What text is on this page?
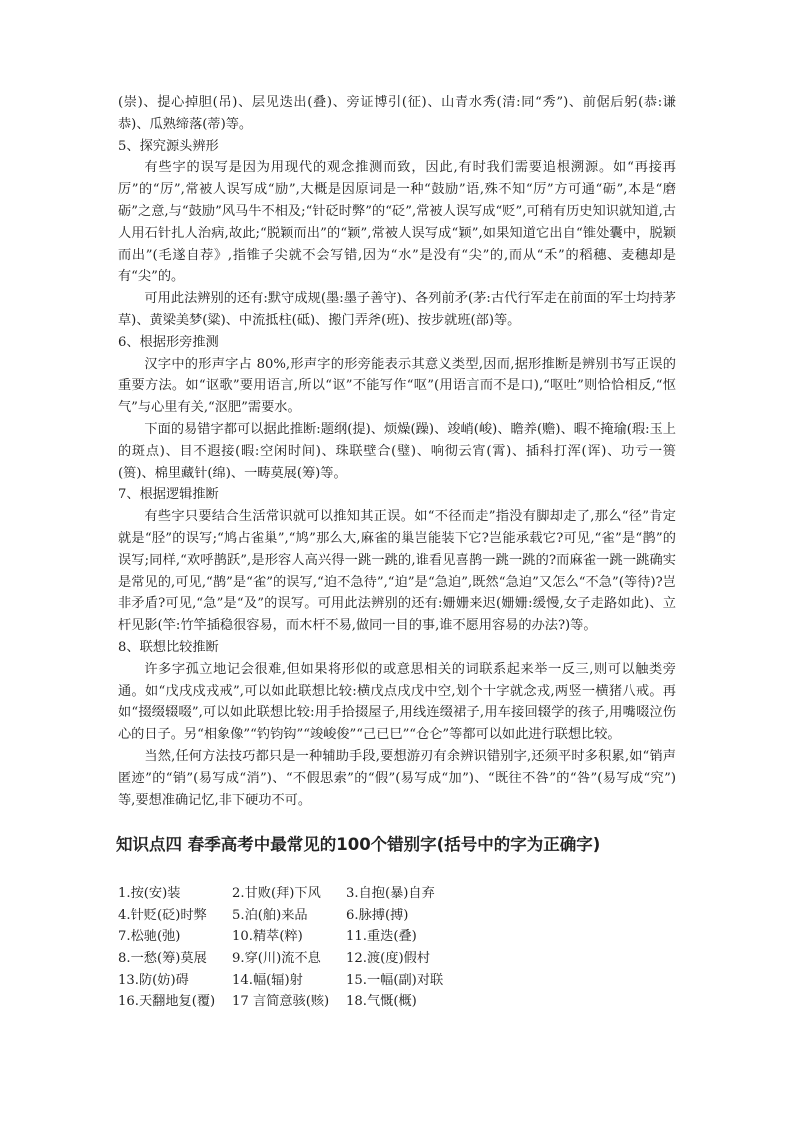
(崇)、提心掉胆(吊)、层见迭出(叠)、旁证博引(征)、山青水秀(清:同“秀”)、前倨后躬(恭:谦恭)、瓜熟缔落(蒂)等。

5、探究源头辨形

有些字的误写是因为用现代的观念推测而致，因此,有时我们需要追根溯源。如“再接再厉”的“厉”,常被人误写成“励”,大概是因原词是一种“鼓励”语,殊不知“厉”方可通“砺”,本是“磨砺”之意,与“鼓励”风马牛不相及;“针砭时弊”的“砭”,常被人误写成“贬”,可稍有历史知识就知道,古人用石针扎人治病,故此;“脱颖而出”的“颖”,常被人误写成“颖”,如果知道它出自“锥处囊中，脱颖而出”(毛遂自荐》,指锥子尖就不会写错,因为“水”是没有“尖”的,而从“禾”的稻穗、麦穗却是有“尖”的。

可用此法辨别的还有:默守成规(墨:墨子善守)、各列前矛(茅:古代行军走在前面的军士均持茅草)、黄梁美梦(粱)、中流抵柱(砥)、搬门弄斧(班)、按步就班(部)等。

6、根据形旁推测

汉字中的形声字占 80%,形声字的形旁能表示其意义类型,因而,据形推断是辨别书写正误的重要方法。如“讴歌”要用语言,所以“讴”不能写作“呕”(用语言而不是口),“呕吐”则恰恰相反,“怄气”与心里有关,“沤肥”需要水。

下面的易错字都可以据此推断:题纲(提)、烦燥(躁)、竣峭(峻)、瞻养(赡)、暇不掩瑜(瑕:玉上的斑点)、目不遐接(暇:空闲时间)、珠联壁合(璧)、响彻云宵(霄)、插科打浑(诨)、功亏一篑(篑)、棉里藏针(绵)、一畴莫展(筹)等。

7、根据逻辑推断

有些字只要结合生活常识就可以推知其正误。如“不径而走”指没有脚却走了,那么“径”肯定就是“胫”的误写;“鸠占雀巢”,“鸠”那么大,麻雀的巢岂能装下它?岂能承载它?可见,“雀”是“鹊”的误写;同样,“欢呼鹊跃”,是形容人高兴得一跳一跳的,谁看见喜鹊一跳一跳的?而麻雀一跳一跳确实是常见的,可见,“鹊”是“雀”的误写,“迫不急待”,“迫”是“急迫”,既然“急迫”又怎么“不急”(等待)?岂非矛盾?可见,“急”是“及”的误写。可用此法辨别的还有:姗姗来迟(姗姗:缓慢,女子走路如此)、立杆见影(竿:竹竿插稳很容易，而木杆不易,做同一目的事,谁不愿用容易的办法?)等。

8、联想比较推断

许多字孤立地记会很难,但如果将形似的或意思相关的词联系起来举一反三,则可以触类旁通。如“戊戌戍戎戒”,可以如此联想比较:横戊点戌戊中空,划个十字就念戎,两竖一横猪八戒。再如“掇缀辍啜”,可以如此联想比较:用手拾掇屋子,用线连缀裙子,用车接回辍学的孩子,用嘴啜泣伤心的日子。另“相象像”“钓钧钩”“竣峻俊”“己已巳”“仓仑”等都可以如此进行联想比较。

当然,任何方法技巧都只是一种辅助手段,要想游刃有余辨识错别字,还须平时多积累,如“销声匿迹”的“销”(易写成“消”)、“不假思索”的“假”(易写成“加”)、“既往不咎”的“咎”(易写成“究”)等,要想准确记忆,非下硬功不可。

知识点四 春季高考中最常见的100个错别字(括号中的字为正确字)
1.按(安)装	2.甘败(拜)下风	3.自抱(暴)自弃
4.针贬(砭)时弊	5.泊(舶)来品	6.脉搏(搏)
7.松驰(弛)	10.精萃(粹)	11.重迭(叠)
8.一愁(筹)莫展	9.穿(川)流不息	12.渡(度)假村
13.防(妨)碍	14.幅(辐)射	15.一幅(副)对联
16.天翻地复(覆)	17 言简意骇(赅)	18.气慨(概)
